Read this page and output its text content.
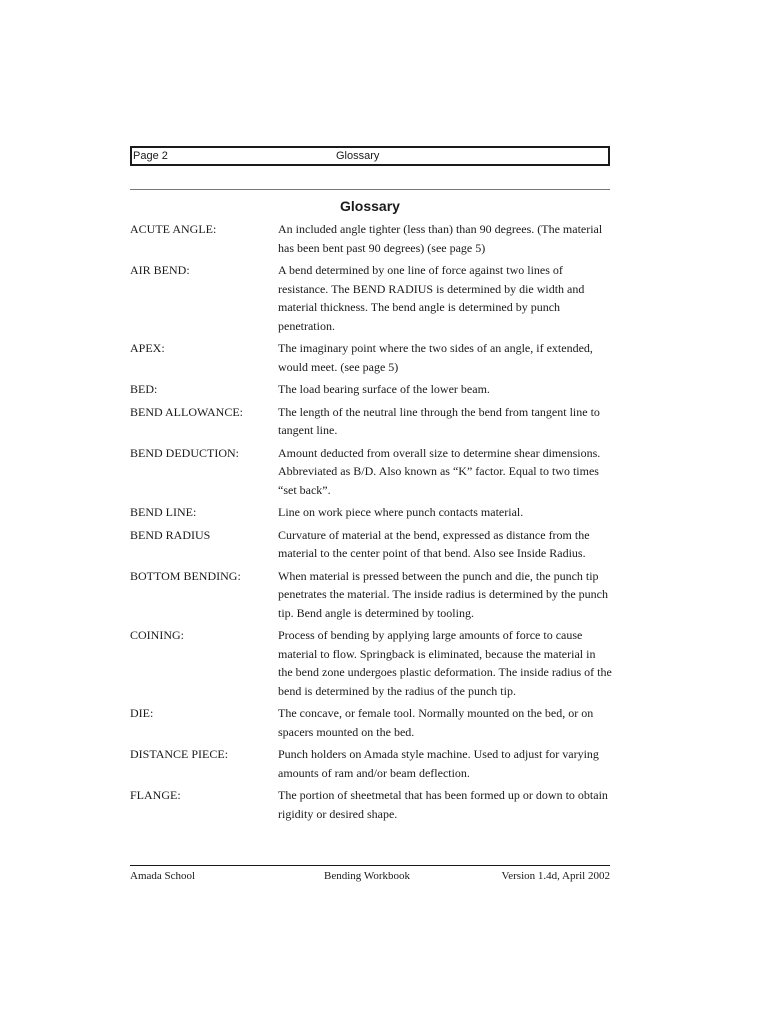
Page 2	Glossary
Glossary
ACUTE ANGLE:	An included angle tighter (less than) than 90 degrees. (The material has been bent past 90 degrees) (see page 5)
AIR BEND:	A bend determined by one line of force against two lines of resistance. The BEND RADIUS is determined by die width and material thickness. The bend angle is determined by punch penetration.
APEX:	The imaginary point where the two sides of an angle, if extended, would meet. (see page 5)
BED:	The load bearing surface of the lower beam.
BEND ALLOWANCE:	The length of the neutral line through the bend from tangent line to tangent line.
BEND DEDUCTION:	Amount deducted from overall size to determine shear dimensions. Abbreviated as B/D. Also known as “K” factor. Equal to two times “set back”.
BEND LINE:	Line on work piece where punch contacts material.
BEND RADIUS	Curvature of material at the bend, expressed as distance from the material to the center point of that bend. Also see Inside Radius.
BOTTOM BENDING:	When material is pressed between the punch and die, the punch tip penetrates the material. The inside radius is determined by the punch tip. Bend angle is determined by tooling.
COINING:	Process of bending by applying large amounts of force to cause material to flow. Springback is eliminated, because the material in the bend zone undergoes plastic deformation. The inside radius of the bend is determined by the radius of the punch tip.
DIE:	The concave, or female tool. Normally mounted on the bed, or on spacers mounted on the bed.
DISTANCE PIECE:	Punch holders on Amada style machine. Used to adjust for varying amounts of ram and/or beam deflection.
FLANGE:	The portion of sheetmetal that has been formed up or down to obtain rigidity or desired shape.
Amada School	Bending Workbook	Version 1.4d, April 2002
